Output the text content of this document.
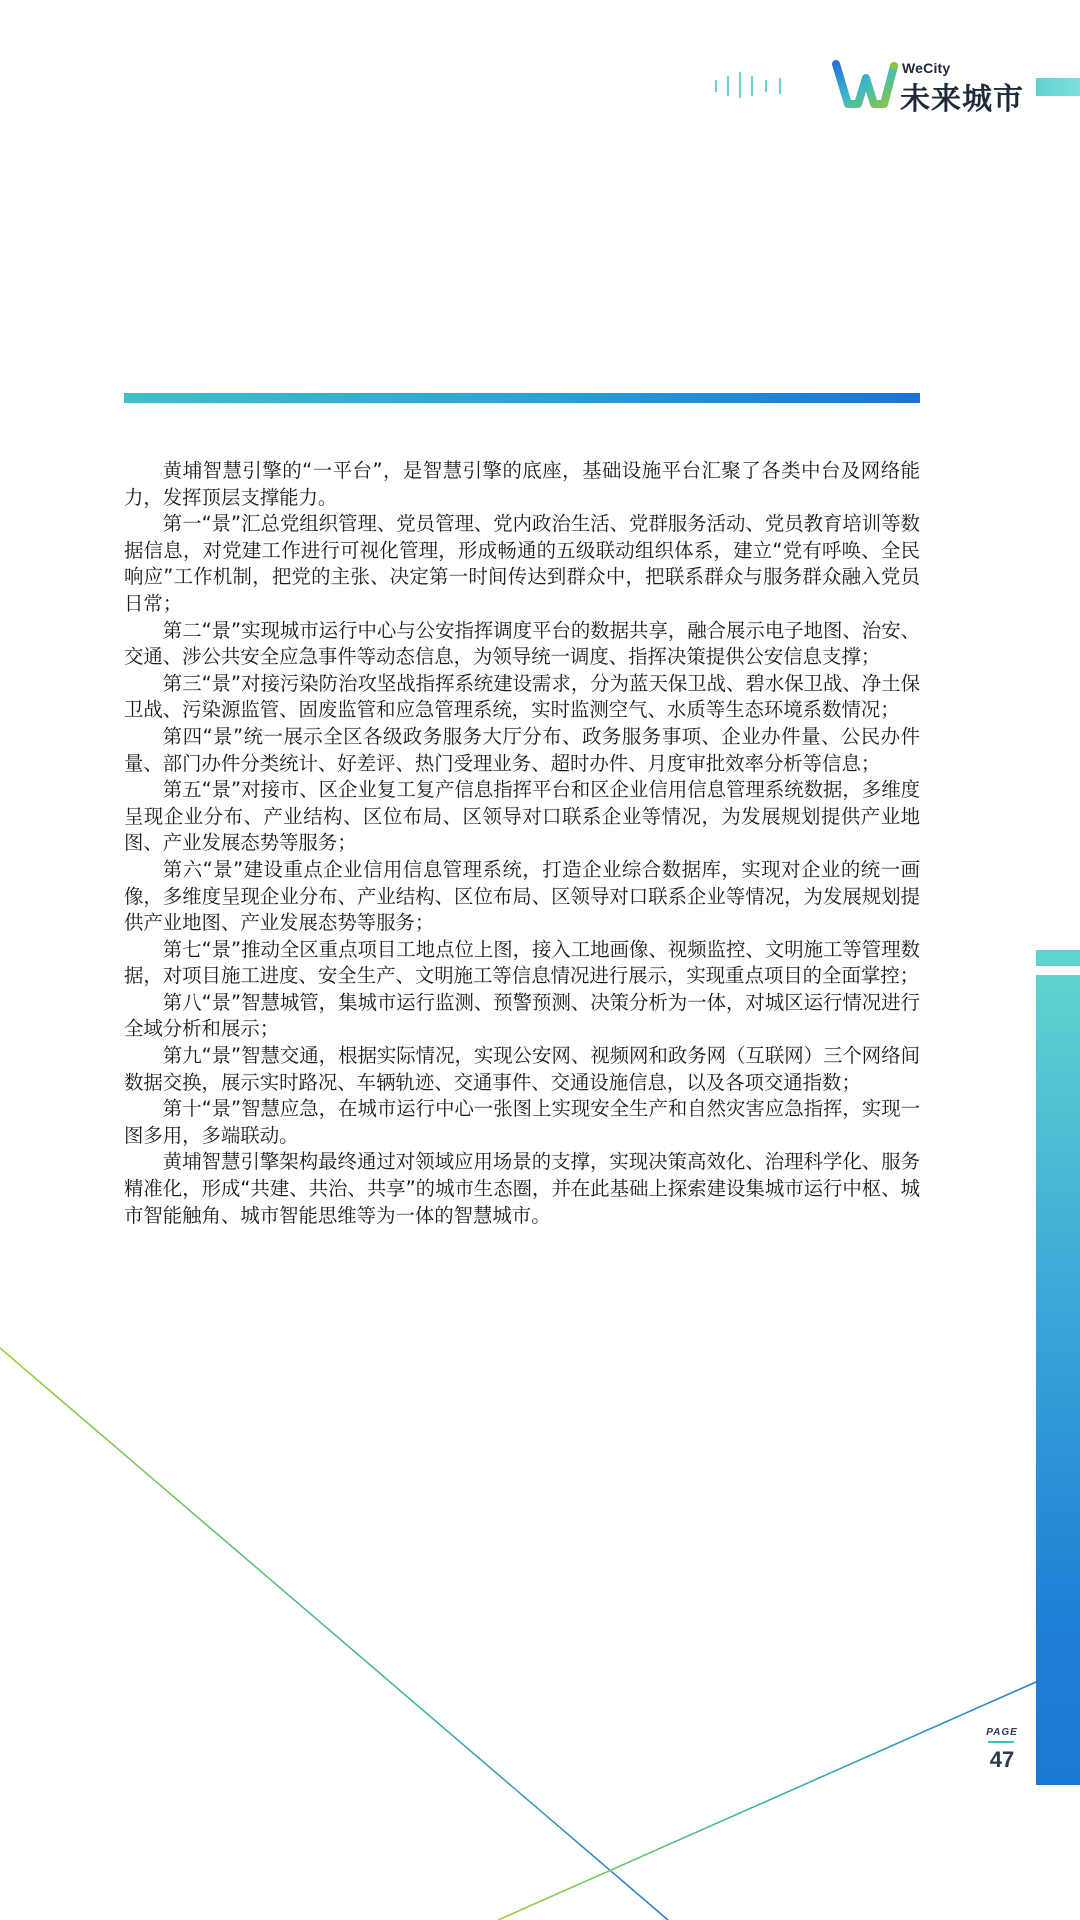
WeCity
未来城市

黄埔智慧引擎的“一平台”，是智慧引擎的底座，基础设施平台汇聚了各类中台及网络能力，发挥顶层支撑能力。

第一“景”汇总党组织管理、党员管理、党内政治生活、党群服务活动、党员教育培训等数据信息，对党建工作进行可视化管理，形成畅通的五级联动组织体系，建立“党有呼唤、全民响应”工作机制，把党的主张、决定第一时间传达到群众中，把联系群众与服务群众融入党员日常；

第二“景”实现城市运行中心与公安指挥调度平台的数据共享，融合展示电子地图、治安、交通、涉公共安全应急事件等动态信息，为领导统一调度、指挥决策提供公安信息支撑；

第三“景”对接污染防治攻坚战指挥系统建设需求，分为蓝天保卫战、碧水保卫战、净土保卫战、污染源监管、固废监管和应急管理系统，实时监测空气、水质等生态环境系数情况；

第四“景”统一展示全区各级政务服务大厅分布、政务服务事项、企业办件量、公民办件量、部门办件分类统计、好差评、热门受理业务、超时办件、月度审批效率分析等信息；

第五“景”对接市、区企业复工复产信息指挥平台和区企业信用信息管理系统数据，多维度呈现企业分布、产业结构、区位布局、区领导对口联系企业等情况，为发展规划提供产业地图、产业发展态势等服务；

第六“景”建设重点企业信用信息管理系统，打造企业综合数据库，实现对企业的统一画像，多维度呈现企业分布、产业结构、区位布局、区领导对口联系企业等情况，为发展规划提供产业地图、产业发展态势等服务；

第七“景”推动全区重点项目工地点位上图，接入工地画像、视频监控、文明施工等管理数据，对项目施工进度、安全生产、文明施工等信息情况进行展示，实现重点项目的全面掌控；

第八“景”智慧城管，集城市运行监测、预警预测、决策分析为一体，对城区运行情况进行全域分析和展示；

第九“景”智慧交通，根据实际情况，实现公安网、视频网和政务网（互联网）三个网络间数据交换，展示实时路况、车辆轨迹、交通事件、交通设施信息，以及各项交通指数；

第十“景”智慧应急，在城市运行中心一张图上实现安全生产和自然灾害应急指挥，实现一图多用，多端联动。

黄埔智慧引擎架构最终通过对领域应用场景的支撑，实现决策高效化、治理科学化、服务精准化，形成“共建、共治、共享”的城市生态圈，并在此基础上探索建设集城市运行中枢、城市智能触角、城市智能思维等为一体的智慧城市。

PAGE
47
